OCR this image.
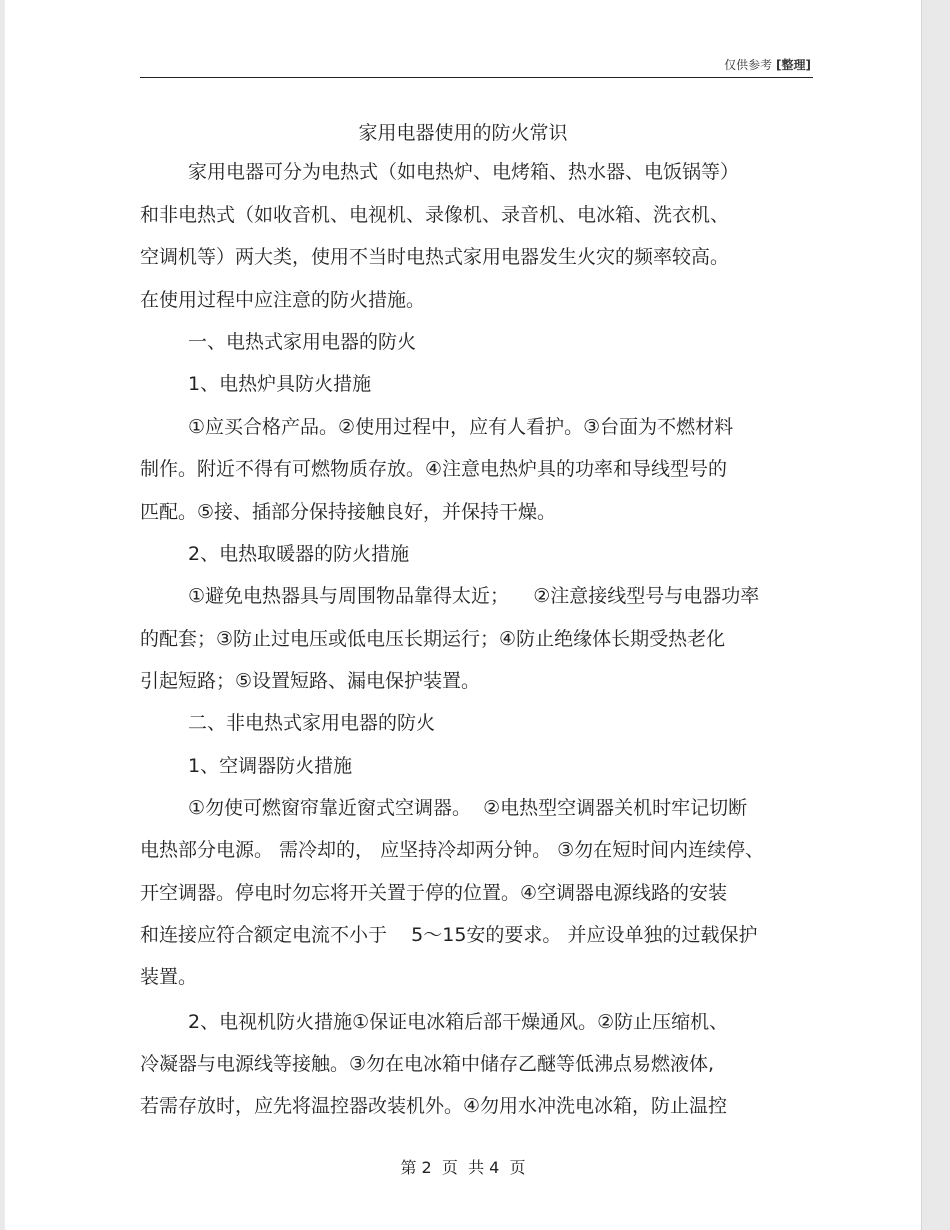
仅供参考 [整理]
家用电器使用的防火常识
家用电器可分为电热式（如电热炉、电烤箱、热水器、电饭锅等）
和非电热式（如收音机、电视机、录像机、录音机、电冰箱、洗衣机、
空调机等）两大类，使用不当时电热式家用电器发生火灾的频率较高。
在使用过程中应注意的防火措施。
一、电热式家用电器的防火
1、电热炉具防火措施
①应买合格产品。②使用过程中，应有人看护。③台面为不燃材料
制作。附近不得有可燃物质存放。④注意电热炉具的功率和导线型号的
匹配。⑤接、插部分保持接触良好，并保持干燥。
2、电热取暖器的防火措施
①避免电热器具与周围物品靠得太近；    ②注意接线型号与电器功率
的配套；③防止过电压或低电压长期运行；④防止绝缘体长期受热老化
引起短路；⑤设置短路、漏电保护装置。
二、非电热式家用电器的防火
1、空调器防火措施
①勿使可燃窗帘靠近窗式空调器。  ②电热型空调器关机时牢记切断
电热部分电源。 需冷却的， 应坚持冷却两分钟。 ③勿在短时间内连续停、
开空调器。停电时勿忘将开关置于停的位置。④空调器电源线路的安装
和连接应符合额定电流不小于    5～15安的要求。 并应设单独的过载保护
装置。
2、电视机防火措施①保证电冰箱后部干燥通风。②防止压缩机、
冷凝器与电源线等接触。③勿在电冰箱中储存乙醚等低沸点易燃液体,
若需存放时，应先将温控器改装机外。④勿用水冲洗电冰箱，防止温控
第 2  页  共 4  页
